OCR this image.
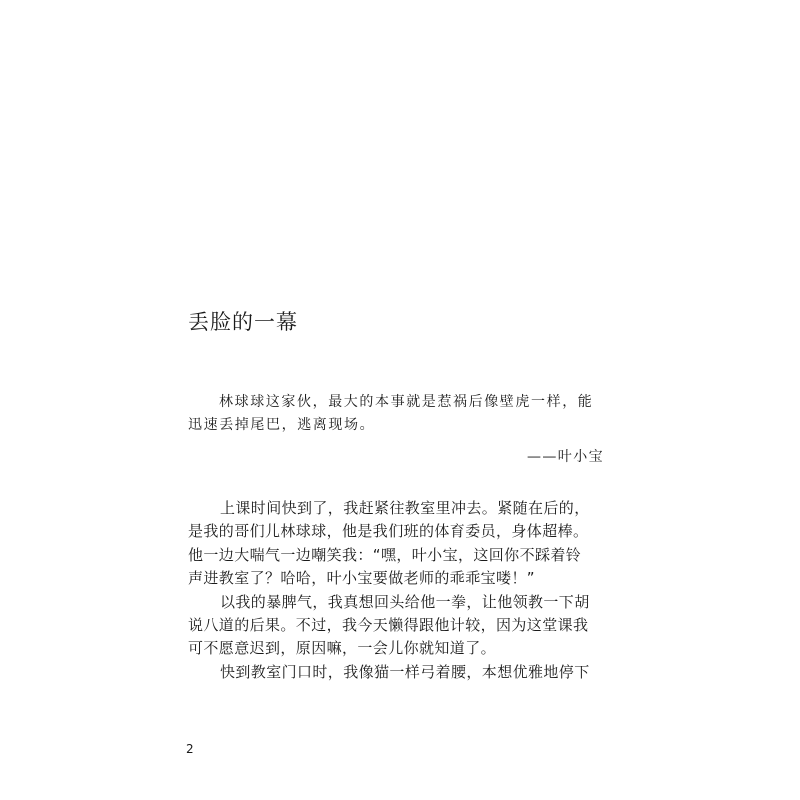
丢脸的一幕
林球球这家伙，最大的本事就是惹祸后像壁虎一样，能
迅速丢掉尾巴，逃离现场。
——叶小宝
上课时间快到了，我赶紧往教室里冲去。紧随在后的，
是我的哥们儿林球球，他是我们班的体育委员，身体超棒。
他一边大喘气一边嘲笑我：“嘿，叶小宝，这回你不踩着铃
声进教室了？哈哈，叶小宝要做老师的乖乖宝喽！”
以我的暴脾气，我真想回头给他一拳，让他领教一下胡
说八道的后果。不过，我今天懒得跟他计较，因为这堂课我
可不愿意迟到，原因嘛，一会儿你就知道了。
快到教室门口时，我像猫一样弓着腰，本想优雅地停下
2
